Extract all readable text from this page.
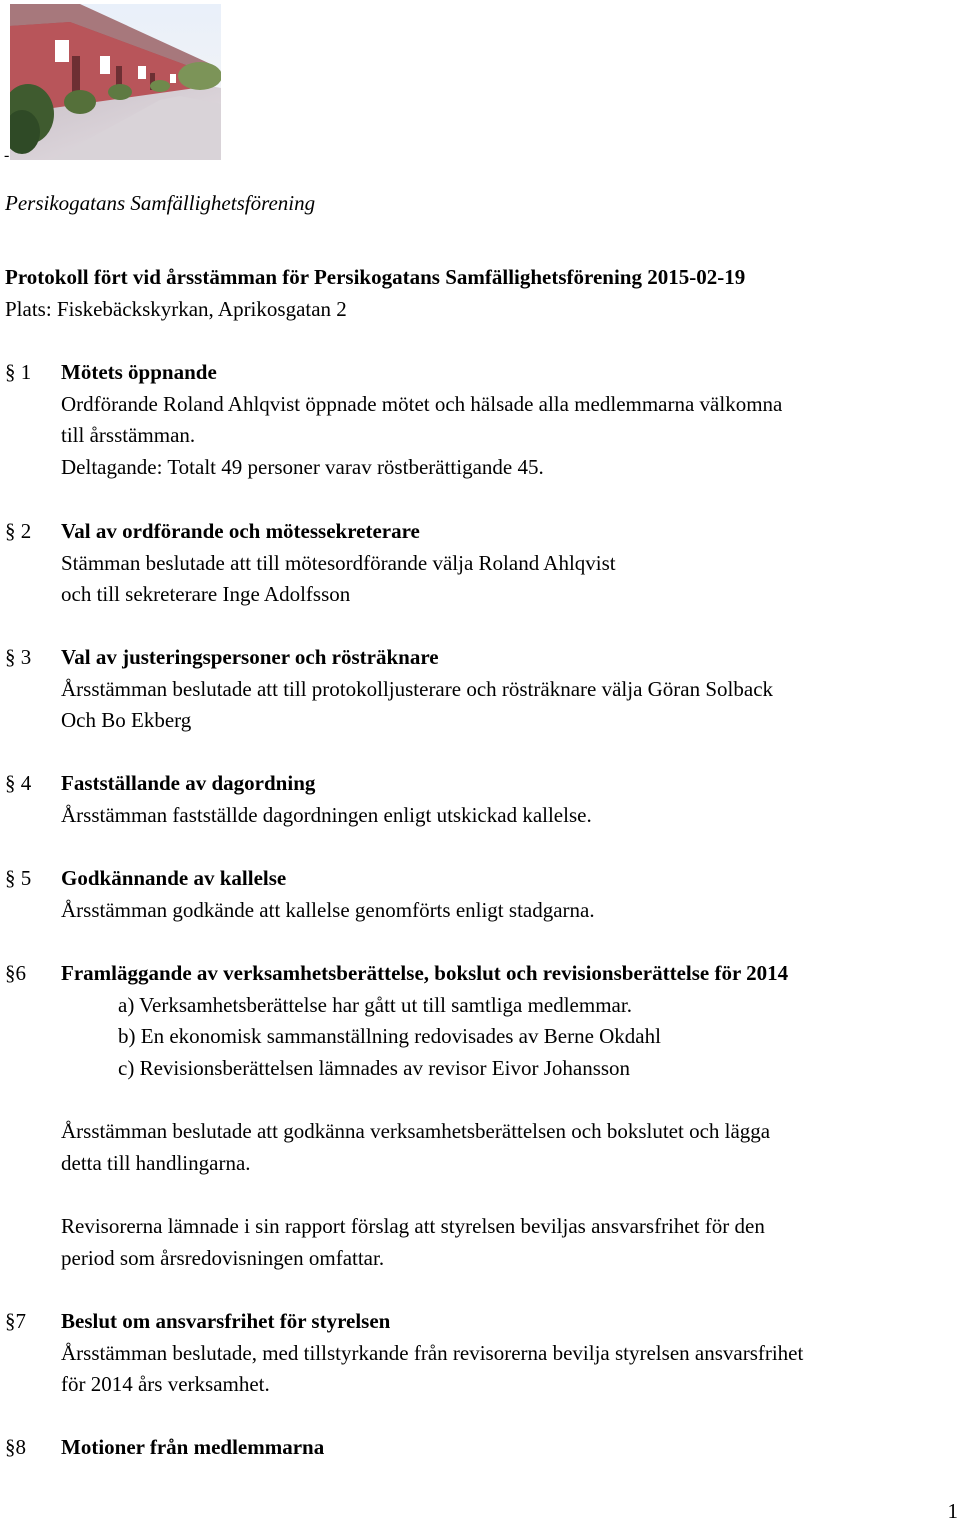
-
Persikogatans Samfällighetsförening
Protokoll fört vid årsstämman för Persikogatans Samfällighetsförening 2015-02-19
Plats: Fiskebäckskyrkan, Aprikosgatan 2
§ 1	Mötets öppnande
Ordförande Roland Ahlqvist öppnade mötet och hälsade alla medlemmarna välkomna
till årsstämman.
Deltagande: Totalt 49 personer varav röstberättigande 45.
§ 2	Val av ordförande och mötessekreterare
Stämman beslutade att till mötesordförande välja Roland Ahlqvist
och till sekreterare Inge Adolfsson
§ 3	Val av justeringspersoner och rösträknare
Årsstämman beslutade att till protokolljusterare och rösträknare välja Göran Solback
Och Bo Ekberg
§ 4	Fastställande av dagordning
Årsstämman fastställde dagordningen enligt utskickad kallelse.
§ 5	Godkännande av kallelse
Årsstämman godkände att kallelse genomförts enligt stadgarna.
§6	Framläggande av verksamhetsberättelse, bokslut och revisionsberättelse för 2014
a) Verksamhetsberättelse har gått ut till samtliga medlemmar.
b) En ekonomisk sammanställning redovisades av Berne Okdahl
c) Revisionsberättelsen lämnades av revisor Eivor Johansson
Årsstämman beslutade att godkänna verksamhetsberättelsen och bokslutet och lägga
detta till handlingarna.
Revisorerna lämnade i sin rapport förslag att styrelsen beviljas ansvarsfrihet för den
period som årsredovisningen omfattar.
§7	Beslut om ansvarsfrihet för styrelsen
Årsstämman beslutade, med tillstyrkande från revisorerna bevilja styrelsen ansvarsfrihet
för 2014 års verksamhet.
§8	Motioner från medlemmarna
1
